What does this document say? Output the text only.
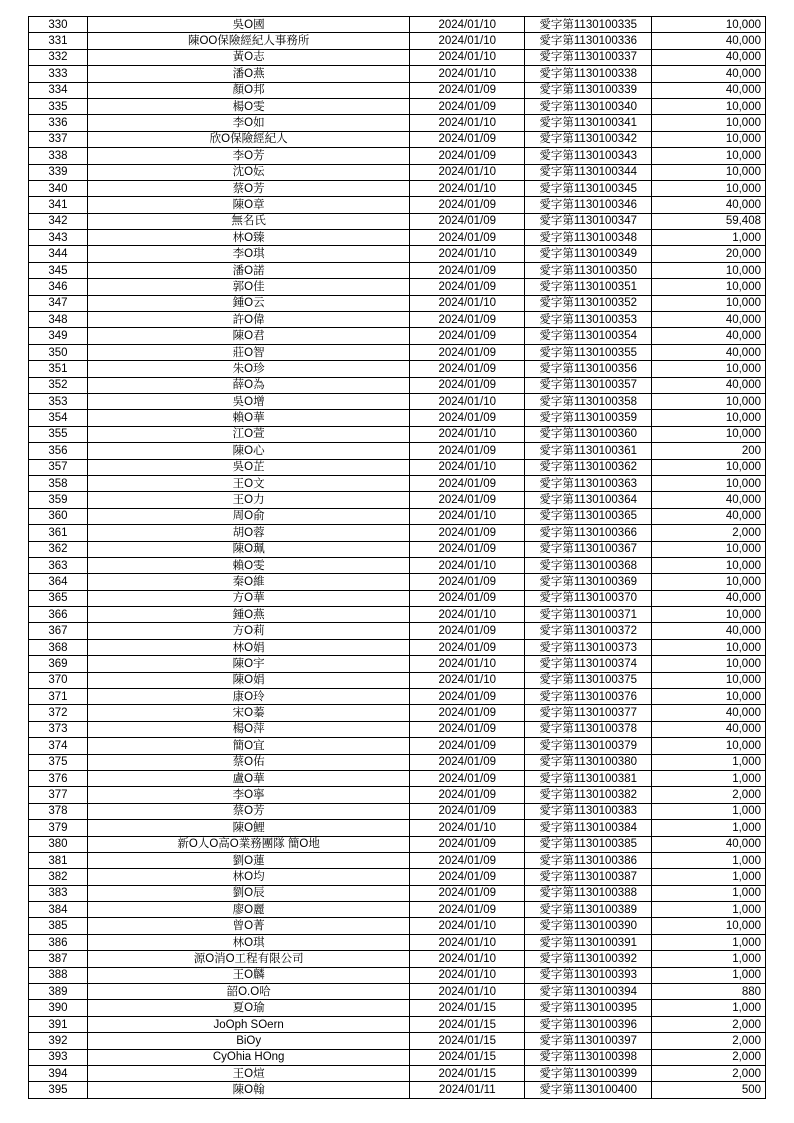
330	吳O國	2024/01/10	愛字第1130100335	10,000
331	陳OO保險經紀人事務所	2024/01/10	愛字第1130100336	40,000
332	黃O志	2024/01/10	愛字第1130100337	40,000
333	潘O燕	2024/01/10	愛字第1130100338	40,000
334	顏O邦	2024/01/09	愛字第1130100339	40,000
335	楊O雯	2024/01/09	愛字第1130100340	10,000
336	李O如	2024/01/10	愛字第1130100341	10,000
337	欣O保險經紀人	2024/01/09	愛字第1130100342	10,000
338	李O芳	2024/01/09	愛字第1130100343	10,000
339	沈O妘	2024/01/10	愛字第1130100344	10,000
340	蔡O芳	2024/01/10	愛字第1130100345	10,000
341	陳O章	2024/01/09	愛字第1130100346	40,000
342	無名氏	2024/01/09	愛字第1130100347	59,408
343	林O臻	2024/01/09	愛字第1130100348	1,000
344	李O琪	2024/01/10	愛字第1130100349	20,000
345	潘O諾	2024/01/09	愛字第1130100350	10,000
346	郭O佳	2024/01/09	愛字第1130100351	10,000
347	鍾O云	2024/01/10	愛字第1130100352	10,000
348	許O偉	2024/01/09	愛字第1130100353	40,000
349	陳O君	2024/01/09	愛字第1130100354	40,000
350	莊O智	2024/01/09	愛字第1130100355	40,000
351	朱O珍	2024/01/09	愛字第1130100356	10,000
352	薛O為	2024/01/09	愛字第1130100357	40,000
353	吳O增	2024/01/10	愛字第1130100358	10,000
354	賴O華	2024/01/09	愛字第1130100359	10,000
355	江O萱	2024/01/10	愛字第1130100360	10,000
356	陳O心	2024/01/09	愛字第1130100361	200
357	吳O芷	2024/01/10	愛字第1130100362	10,000
358	王O文	2024/01/09	愛字第1130100363	10,000
359	王O力	2024/01/09	愛字第1130100364	40,000
360	周O俞	2024/01/10	愛字第1130100365	40,000
361	胡O蓉	2024/01/09	愛字第1130100366	2,000
362	陳O珮	2024/01/09	愛字第1130100367	10,000
363	賴O雯	2024/01/10	愛字第1130100368	10,000
364	秦O維	2024/01/09	愛字第1130100369	10,000
365	方O華	2024/01/09	愛字第1130100370	40,000
366	鍾O燕	2024/01/10	愛字第1130100371	10,000
367	方O莉	2024/01/09	愛字第1130100372	40,000
368	林O娟	2024/01/09	愛字第1130100373	10,000
369	陳O宇	2024/01/10	愛字第1130100374	10,000
370	陳O娟	2024/01/10	愛字第1130100375	10,000
371	康O玲	2024/01/09	愛字第1130100376	10,000
372	宋O蓁	2024/01/09	愛字第1130100377	40,000
373	楊O萍	2024/01/09	愛字第1130100378	40,000
374	簡O宜	2024/01/09	愛字第1130100379	10,000
375	蔡O佑	2024/01/09	愛字第1130100380	1,000
376	盧O華	2024/01/09	愛字第1130100381	1,000
377	李O寧	2024/01/09	愛字第1130100382	2,000
378	蔡O芳	2024/01/09	愛字第1130100383	1,000
379	陳O鯉	2024/01/10	愛字第1130100384	1,000
380	新O人O高O業務團隊 簡O地	2024/01/09	愛字第1130100385	40,000
381	劉O蓮	2024/01/09	愛字第1130100386	1,000
382	林O均	2024/01/09	愛字第1130100387	1,000
383	劉O辰	2024/01/09	愛字第1130100388	1,000
384	廖O麗	2024/01/09	愛字第1130100389	1,000
385	曾O菁	2024/01/10	愛字第1130100390	10,000
386	林O琪	2024/01/10	愛字第1130100391	1,000
387	源O消O工程有限公司	2024/01/10	愛字第1130100392	1,000
388	王O麟	2024/01/10	愛字第1130100393	1,000
389	韶O.O哈	2024/01/10	愛字第1130100394	880
390	夏O瑜	2024/01/15	愛字第1130100395	1,000
391	JoOph SOern	2024/01/15	愛字第1130100396	2,000
392	BiOy	2024/01/15	愛字第1130100397	2,000
393	CyOhia HOng	2024/01/15	愛字第1130100398	2,000
394	王O煊	2024/01/15	愛字第1130100399	2,000
395	陳O翰	2024/01/11	愛字第1130100400	500
